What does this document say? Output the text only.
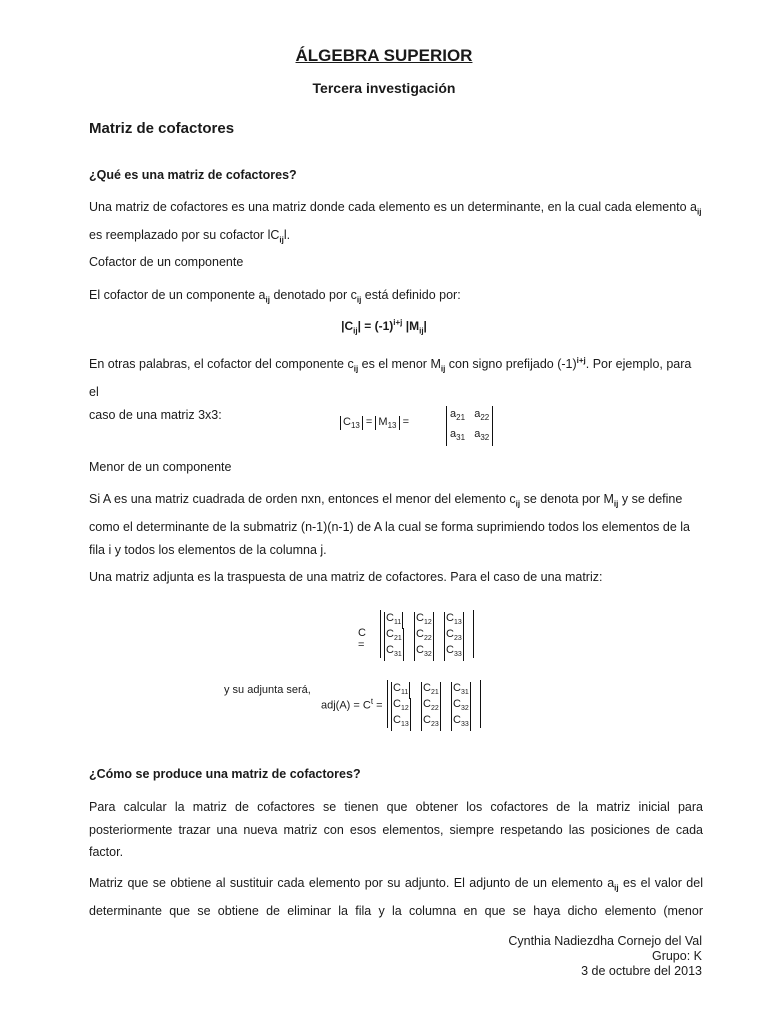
ÁLGEBRA SUPERIOR
Tercera investigación
Matriz de cofactores
¿Qué es una matriz de cofactores?
Una matriz de cofactores es una matriz donde cada elemento es un determinante, en la cual cada elemento $a_{ij}$
es reemplazado por su cofactor $lC_{ij}l$.
Cofactor de un componente
El cofactor de un componente $a_{ij}$ denotado por $c_{ij}$ está definido por:
$|C_{ij}| = (-1)^{i+j}$ $|M_{ij}|$
En otras palabras, el cofactor del componente $c_{ij}$ es el menor $M_{ij}$ con signo prefijado $(-1)^{i+j}$. Por ejemplo, para el
caso de una matriz 3x3:
$C_{13} = M_{13}$ =
$a_{21}$ $a_{22}$
$a_{31}$ $a_{32}$
Menor de un componente
Si A es una matriz cuadrada de orden nxn, entonces el menor del elemento $c_{ij}$ se denota por $M_{ij}$ y se define
como el determinante de la submatriz (n-1)(n-1) de A la cual se forma suprimiendo todos los elementos de la
fila i y todos los elementos de la columna j.
Una matriz adjunta es la traspuesta de una matriz de cofactores. Para el caso de una matriz:
C =
$C_{11}$ $C_{12}$ $C_{13}$
$C_{21}$ $C_{22}$ $C_{23}$
$C_{31}$ $C_{32}$ $C_{33}$
y su adjunta será,
$adj(A) = C^t$ =
$C_{11}$ $C_{21}$ $C_{31}$
$C_{12}$ $C_{22}$ $C_{32}$
$C_{13}$ $C_{23}$ $C_{33}$
¿Cómo se produce una matriz de cofactores?
Para calcular la matriz de cofactores se tienen que obtener los cofactores de la matriz inicial para
posteriormente trazar una nueva matriz con esos elementos, siempre respetando las posiciones de cada
factor.
Matriz que se obtiene al sustituir cada elemento por su adjunto. El adjunto de un elemento $a_{ij}$ es el valor del
determinante que se obtiene de eliminar la fila y la columna en que se haya dicho elemento (menor
Cynthia Nadiezdha Cornejo del Val
Grupo: K
3 de octubre del 2013
